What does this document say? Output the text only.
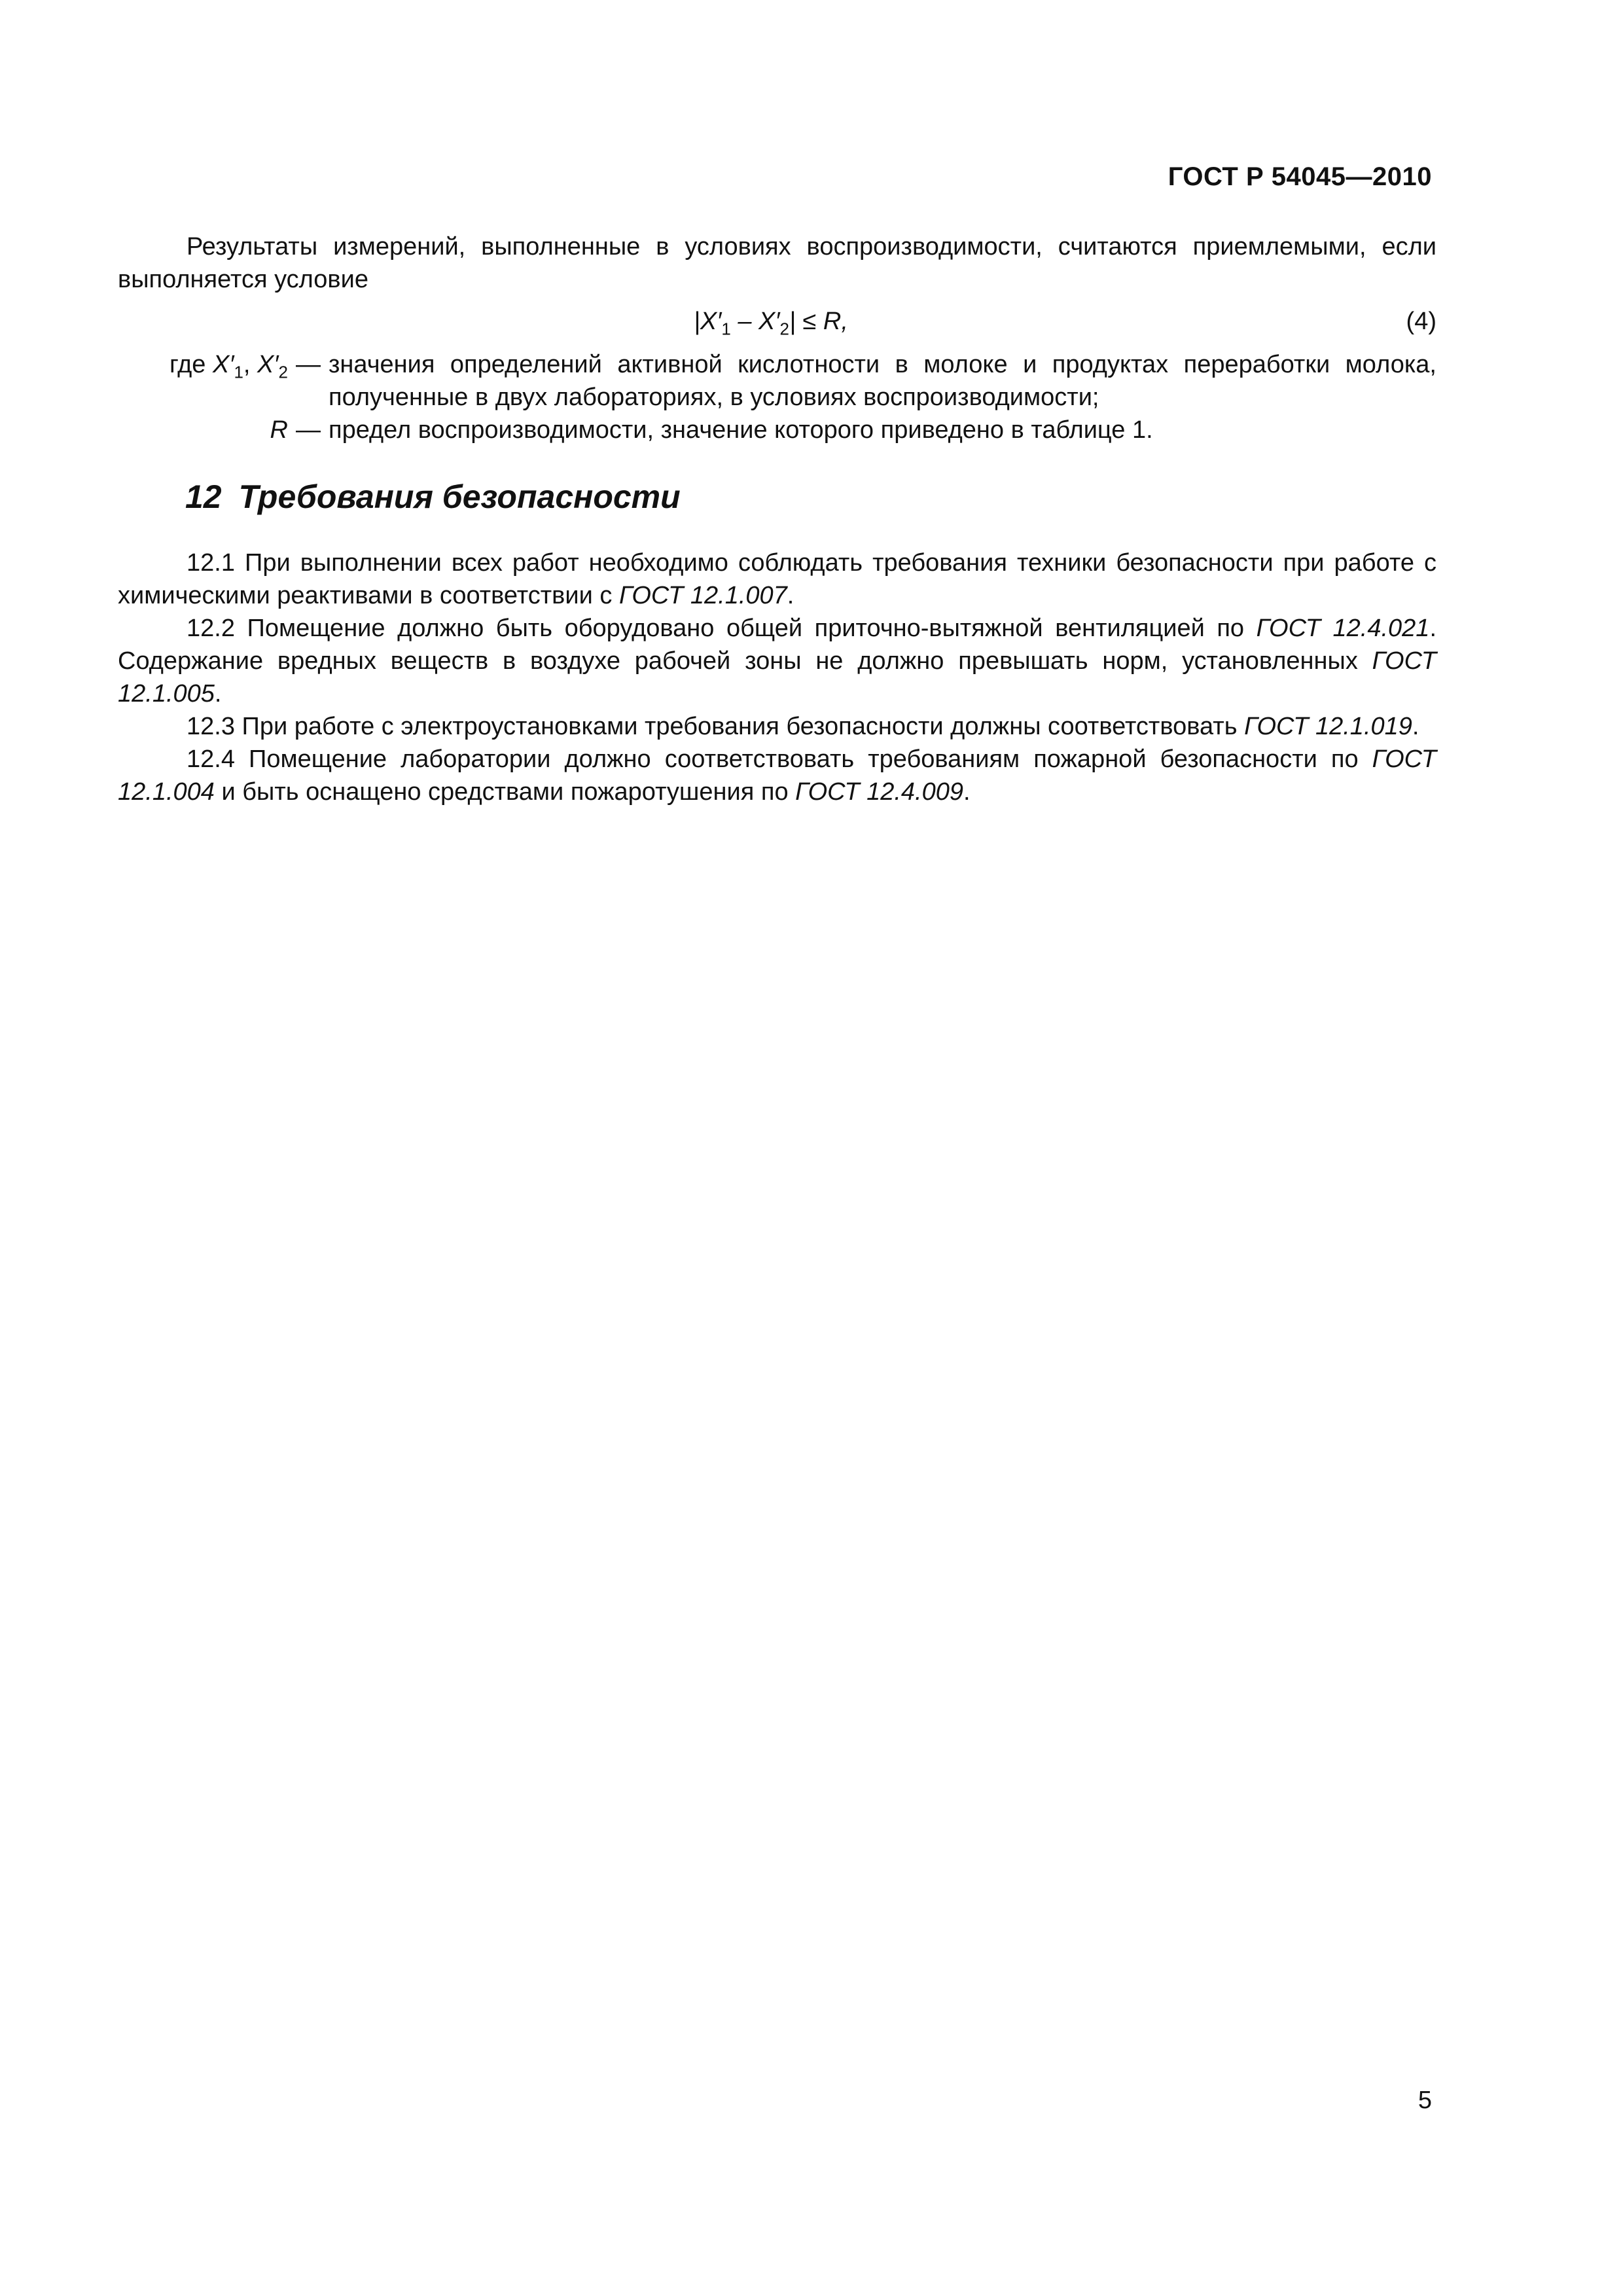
ГОСТ Р 54045—2010

Результаты измерений, выполненные в условиях воспроизводимости, считаются приемлемыми, если выполняется условие

$|X'_1 - X'_2| \le R$,	(4)
где $X'_1$, $X'_2$ — значения определений активной кислотности в молоке и продуктах переработки молока, полученные в двух лабораториях, в условиях воспроизводимости;
R — предел воспроизводимости, значение которого приведено в таблице 1.
12 Требования безопасности

12.1 При выполнении всех работ необходимо соблюдать требования техники безопасности при работе с химическими реактивами в соответствии с ГОСТ 12.1.007.

12.2 Помещение должно быть оборудовано общей приточно-вытяжной вентиляцией по ГОСТ 12.4.021. Содержание вредных веществ в воздухе рабочей зоны не должно превышать норм, установленных ГОСТ 12.1.005.

12.3 При работе с электроустановками требования безопасности должны соответствовать ГОСТ 12.1.019.

12.4 Помещение лаборатории должно соответствовать требованиям пожарной безопасности по ГОСТ 12.1.004 и быть оснащено средствами пожаротушения по ГОСТ 12.4.009.

5
